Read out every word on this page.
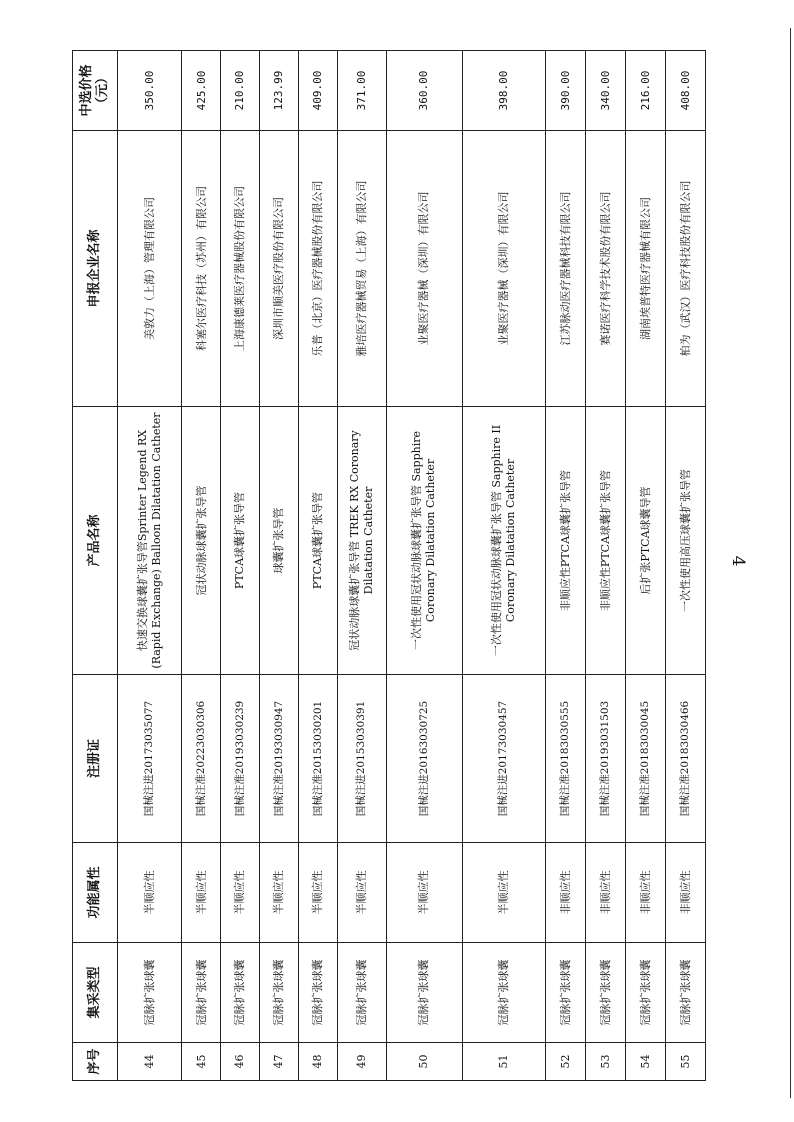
序号	集采类型	功能属性	注册证	产品名称	申报企业名称	中选价格（元）
44	冠脉扩张球囊	半顺应性	国械注进20173035077	快速交换球囊扩张导管Sprinter Legend RX (Rapid Exchange) Balloon Dilatation Catheter	美敦力（上海）管理有限公司	350.00
45	冠脉扩张球囊	半顺应性	国械注准20223030306	冠状动脉球囊扩张导管	科塞尔医疗科技（苏州）有限公司	425.00
46	冠脉扩张球囊	半顺应性	国械注准20193030239	PTCA球囊扩张导管	上海康德莱医疗器械股份有限公司	210.00
47	冠脉扩张球囊	半顺应性	国械注准20193030947	球囊扩张导管	深圳市顺美医疗股份有限公司	123.99
48	冠脉扩张球囊	半顺应性	国械注准20153030201	PTCA球囊扩张导管	乐普（北京）医疗器械股份有限公司	409.00
49	冠脉扩张球囊	半顺应性	国械注进20153030391	冠状动脉球囊扩张导管 TREK RX Coronary Dilatation Catheter	雅培医疗器械贸易（上海）有限公司	371.00
50	冠脉扩张球囊	半顺应性	国械注进20163030725	一次性使用冠状动脉球囊扩张导管 Sapphire Coronary Dilatation Catheter	业聚医疗器械（深圳）有限公司	360.00
51	冠脉扩张球囊	半顺应性	国械注进20173030457	一次性使用冠状动脉球囊扩张导管 Sapphire II Coronary Dilatation Catheter	业聚医疗器械（深圳）有限公司	398.00
52	冠脉扩张球囊	非顺应性	国械注准20183030555	非顺应性PTCA球囊扩张导管	江苏脉动医疗器械科技有限公司	390.00
53	冠脉扩张球囊	非顺应性	国械注准20193031503	非顺应性PTCA球囊扩张导管	赛诺医疗科学技术股份有限公司	340.00
54	冠脉扩张球囊	非顺应性	国械注准20183030045	后扩张PTCA球囊导管	湖南埃普特医疗器械有限公司	216.00
55	冠脉扩张球囊	非顺应性	国械注准20183030466	一次性使用高压球囊扩张导管	柏为（武汉）医疗科技股份有限公司	408.00
4
